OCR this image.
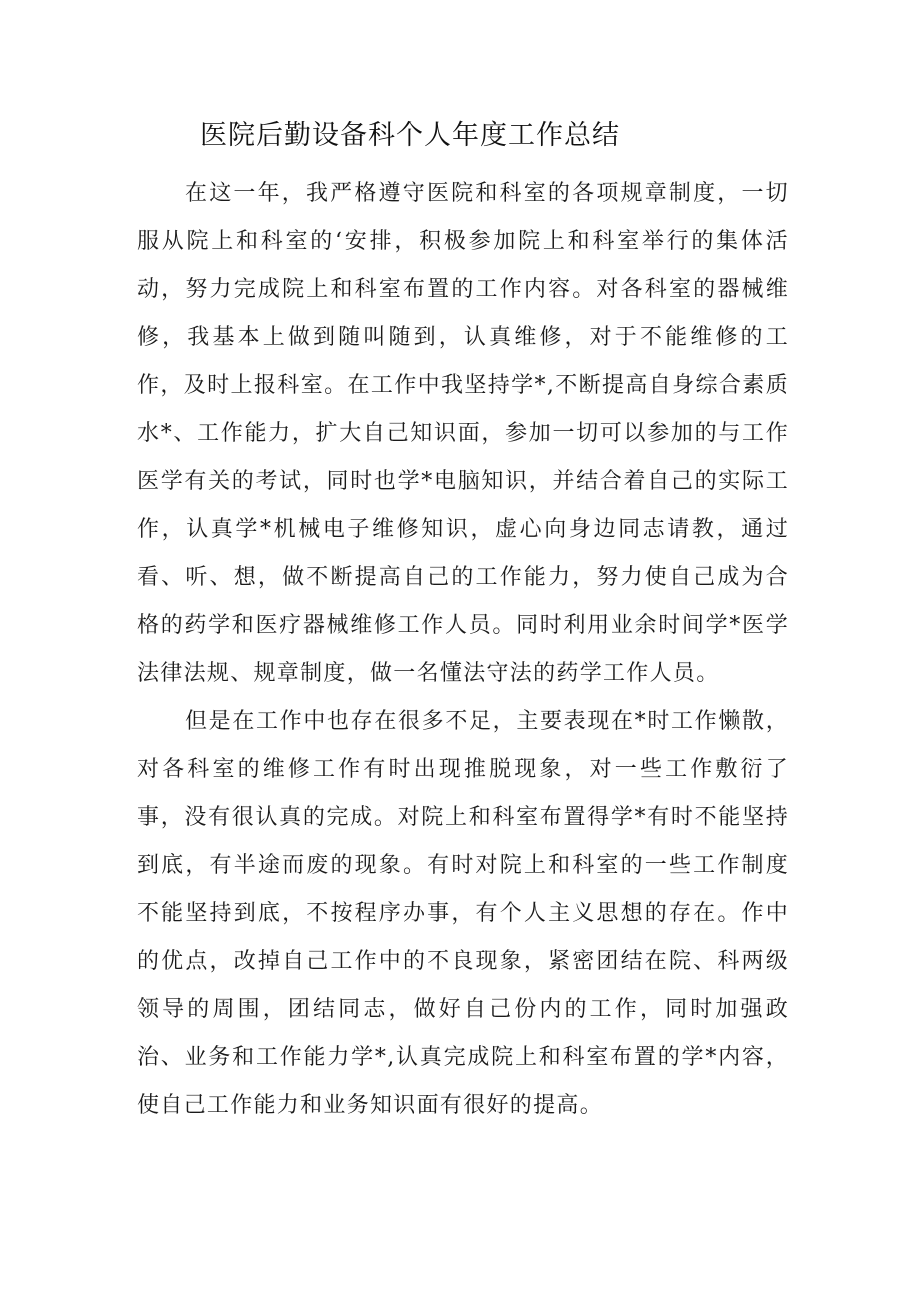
医院后勤设备科个人年度工作总结

在这一年，我严格遵守医院和科室的各项规章制度，一切服从院上和科室的‘安排，积极参加院上和科室举行的集体活动，努力完成院上和科室布置的工作内容。对各科室的器械维修，我基本上做到随叫随到，认真维修，对于不能维修的工作，及时上报科室。在工作中我坚持学*,不断提高自身综合素质水*、工作能力，扩大自己知识面，参加一切可以参加的与工作医学有关的考试，同时也学*电脑知识，并结合着自己的实际工作，认真学*机械电子维修知识，虚心向身边同志请教，通过看、听、想，做不断提高自己的工作能力，努力使自己成为合格的药学和医疗器械维修工作人员。同时利用业余时间学*医学法律法规、规章制度，做一名懂法守法的药学工作人员。

但是在工作中也存在很多不足，主要表现在*时工作懒散，对各科室的维修工作有时出现推脱现象，对一些工作敷衍了事，没有很认真的完成。对院上和科室布置得学*有时不能坚持到底，有半途而废的现象。有时对院上和科室的一些工作制度不能坚持到底，不按程序办事，有个人主义思想的存在。作中的优点，改掉自己工作中的不良现象，紧密团结在院、科两级领导的周围，团结同志，做好自己份内的工作，同时加强政治、业务和工作能力学*,认真完成院上和科室布置的学*内容，使自己工作能力和业务知识面有很好的提高。
